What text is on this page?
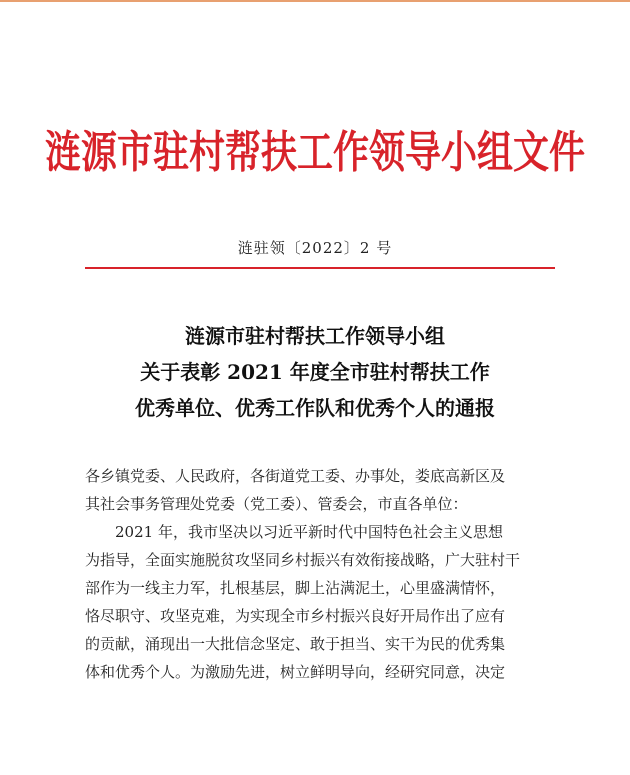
涟源市驻村帮扶工作领导小组文件
涟驻领〔2022〕2 号
涟源市驻村帮扶工作领导小组
关于表彰 2021 年度全市驻村帮扶工作
优秀单位、优秀工作队和优秀个人的通报
各乡镇党委、人民政府，各街道党工委、办事处，娄底高新区及
其社会事务管理处党委（党工委）、管委会，市直各单位：
2021 年，我市坚决以习近平新时代中国特色社会主义思想
为指导，全面实施脱贫攻坚同乡村振兴有效衔接战略，广大驻村干
部作为一线主力军，扎根基层，脚上沾满泥土，心里盛满情怀，
恪尽职守、攻坚克难，为实现全市乡村振兴良好开局作出了应有
的贡献，涌现出一大批信念坚定、敢于担当、实干为民的优秀集
体和优秀个人。为激励先进，树立鲜明导向，经研究同意，决定
